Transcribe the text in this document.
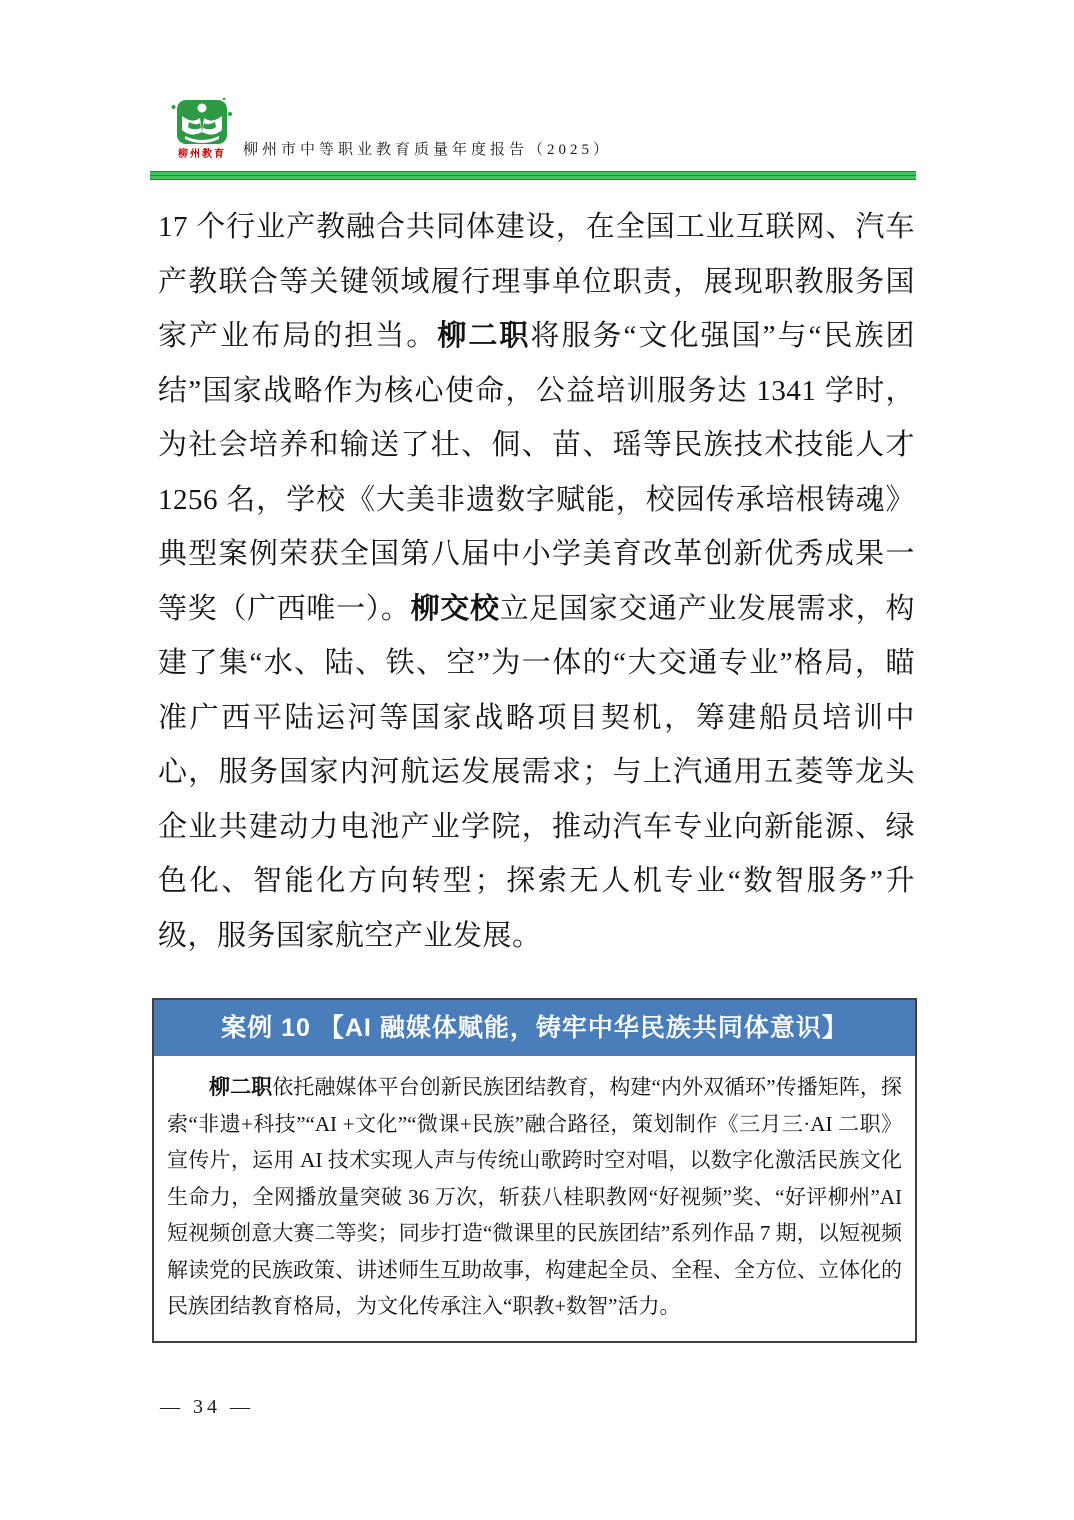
柳州教育	柳州市中等职业教育质量年度报告（2025）
17 个行业产教融合共同体建设，在全国工业互联网、汽车产教联合等关键领域履行理事单位职责，展现职教服务国家产业布局的担当。柳二职将服务“文化强国”与“民族团结”国家战略作为核心使命，公益培训服务达 1341 学时，为社会培养和输送了壮、侗、苗、瑶等民族技术技能人才 1256 名，学校《大美非遗数字赋能，校园传承培根铸魂》典型案例荣获全国第八届中小学美育改革创新优秀成果一等奖（广西唯一）。柳交校立足国家交通产业发展需求，构建了集“水、陆、铁、空”为一体的“大交通专业”格局，瞄准广西平陆运河等国家战略项目契机，筹建船员培训中心，服务国家内河航运发展需求；与上汽通用五菱等龙头企业共建动力电池产业学院，推动汽车专业向新能源、绿色化、智能化方向转型；探索无人机专业“数智服务”升级，服务国家航空产业发展。
案例 10 【AI 融媒体赋能，铸牢中华民族共同体意识】
柳二职依托融媒体平台创新民族团结教育，构建“内外双循环”传播矩阵，探索“非遗+科技”“AI +文化”“微课+民族”融合路径，策划制作《三月三·AI 二职》宣传片，运用 AI 技术实现人声与传统山歌跨时空对唱，以数字化激活民族文化生命力，全网播放量突破 36 万次，斩获八桂职教网“好视频”奖、“好评柳州”AI 短视频创意大赛二等奖；同步打造“微课里的民族团结”系列作品 7 期，以短视频解读党的民族政策、讲述师生互助故事，构建起全员、全程、全方位、立体化的民族团结教育格局，为文化传承注入“职教+数智”活力。
— 34 —
